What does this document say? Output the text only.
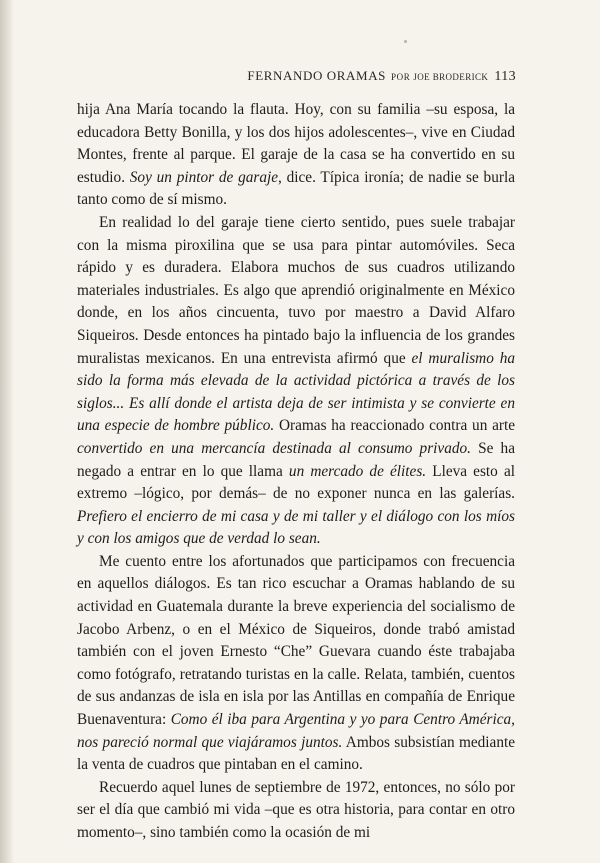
FERNANDO ORAMAS POR JOE BRODERICK 113

hija Ana María tocando la flauta. Hoy, con su familia –su esposa, la educadora Betty Bonilla, y los dos hijos adolescentes–, vive en Ciudad Montes, frente al parque. El garaje de la casa se ha convertido en su estudio. Soy un pintor de garaje, dice. Típica ironía; de nadie se burla tanto como de sí mismo.

En realidad lo del garaje tiene cierto sentido, pues suele trabajar con la misma piroxilina que se usa para pintar automóviles. Seca rápido y es duradera. Elabora muchos de sus cuadros utilizando materiales industriales. Es algo que aprendió originalmente en México donde, en los años cincuenta, tuvo por maestro a David Alfaro Siqueiros. Desde entonces ha pintado bajo la influencia de los grandes muralistas mexicanos. En una entrevista afirmó que el muralismo ha sido la forma más elevada de la actividad pictórica a través de los siglos... Es allí donde el artista deja de ser intimista y se convierte en una especie de hombre público. Oramas ha reaccionado contra un arte convertido en una mercancía destinada al consumo privado. Se ha negado a entrar en lo que llama un mercado de élites. Lleva esto al extremo –lógico, por demás– de no exponer nunca en las galerías. Prefiero el encierro de mi casa y de mi taller y el diálogo con los míos y con los amigos que de verdad lo sean.

Me cuento entre los afortunados que participamos con frecuencia en aquellos diálogos. Es tan rico escuchar a Oramas hablando de su actividad en Guatemala durante la breve experiencia del socialismo de Jacobo Arbenz, o en el México de Siqueiros, donde trabó amistad también con el joven Ernesto “Che” Guevara cuando éste trabajaba como fotógrafo, retratando turistas en la calle. Relata, también, cuentos de sus andanzas de isla en isla por las Antillas en compañía de Enrique Buenaventura: Como él iba para Argentina y yo para Centro América, nos pareció normal que viajáramos juntos. Ambos subsistían mediante la venta de cuadros que pintaban en el camino.

Recuerdo aquel lunes de septiembre de 1972, entonces, no sólo por ser el día que cambió mi vida –que es otra historia, para contar en otro momento–, sino también como la ocasión de mi
